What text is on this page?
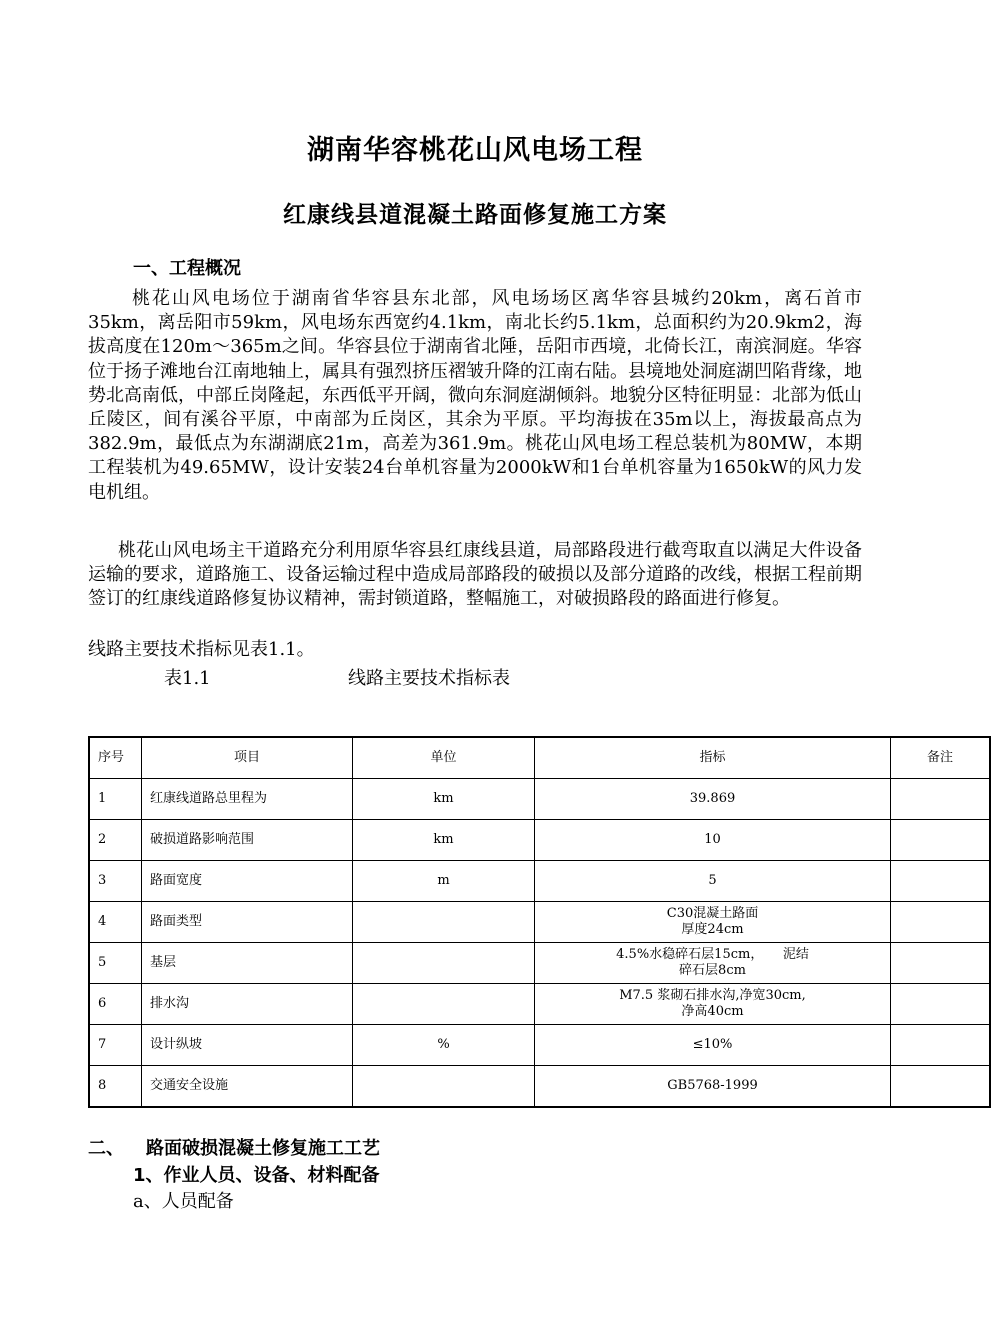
湖南华容桃花山风电场工程
红康线县道混凝土路面修复施工方案
一、工程概况

桃花山风电场位于湖南省华容县东北部，风电场场区离华容县城约20km，离石首市35km，离岳阳市59km，风电场东西宽约4.1km，南北长约5.1km，总面积约为20.9km2，海拔高度在120m～365m之间。华容县位于湖南省北陲，岳阳市西境，北倚长江，南滨洞庭。华容位于扬子滩地台江南地轴上，属具有强烈挤压褶皱升降的江南右陆。县境地处洞庭湖凹陷背缘，地势北高南低，中部丘岗隆起，东西低平开阔，微向东洞庭湖倾斜。地貌分区特征明显：北部为低山丘陵区，间有溪谷平原，中南部为丘岗区，其余为平原。平均海拔在35m以上，海拔最高点为382.9m，最低点为东湖湖底21m，高差为361.9m。桃花山风电场工程总装机为80MW，本期工程装机为49.65MW，设计安装24台单机容量为2000kW和1台单机容量为1650kW的风力发电机组。

桃花山风电场主干道路充分利用原华容县红康线县道，局部路段进行截弯取直以满足大件设备运输的要求，道路施工、设备运输过程中造成局部路段的破损以及部分道路的改线，根据工程前期签订的红康线道路修复协议精神，需封锁道路，整幅施工，对破损路段的路面进行修复。

线路主要技术指标见表1.1。

表1.1	线路主要技术指标表
序号	项目	单位	指标	备注
1	红康线道路总里程为	km	39.869	

2	破损道路影响范围	km	10	

3	路面宽度	m	5	

4	路面类型		C30混凝土路面
厚度24cm	

5	基层		4.5%水稳碎石层15cm，　　泥结
碎石层8cm	

6	排水沟		M7.5 浆砌石排水沟,净宽30cm,
净高40cm	

7	设计纵坡	%	≤10%	

8	交通安全设施		GB5768-1999	

二、 路面破损混凝土修复施工工艺
1、作业人员、设备、材料配备
a、人员配备
